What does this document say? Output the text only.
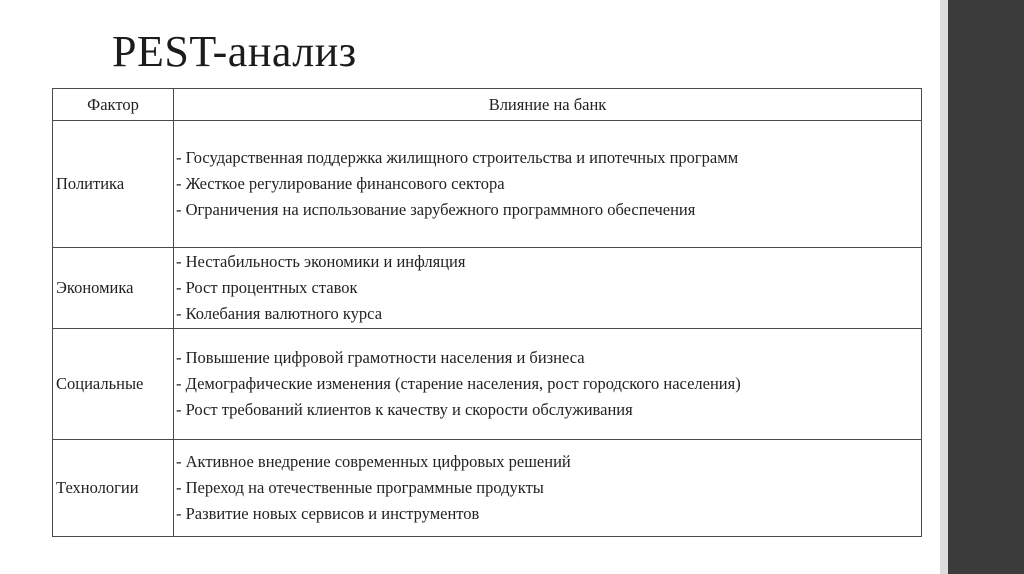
PEST-анализ
Фактор	Влияние на банк
Политика	- Государственная поддержка жилищного строительства и ипотечных программ
- Жесткое регулирование финансового сектора
- Ограничения на использование зарубежного программного обеспечения

Экономика	- Нестабильность экономики и инфляция
- Рост процентных ставок
- Колебания валютного курса

Социальные	- Повышение цифровой грамотности населения и бизнеса
- Демографические изменения (старение населения, рост городского населения)
- Рост требований клиентов к качеству и скорости обслуживания

Технологии	- Активное внедрение современных цифровых решений
- Переход на отечественные программные продукты
- Развитие новых сервисов и инструментов
